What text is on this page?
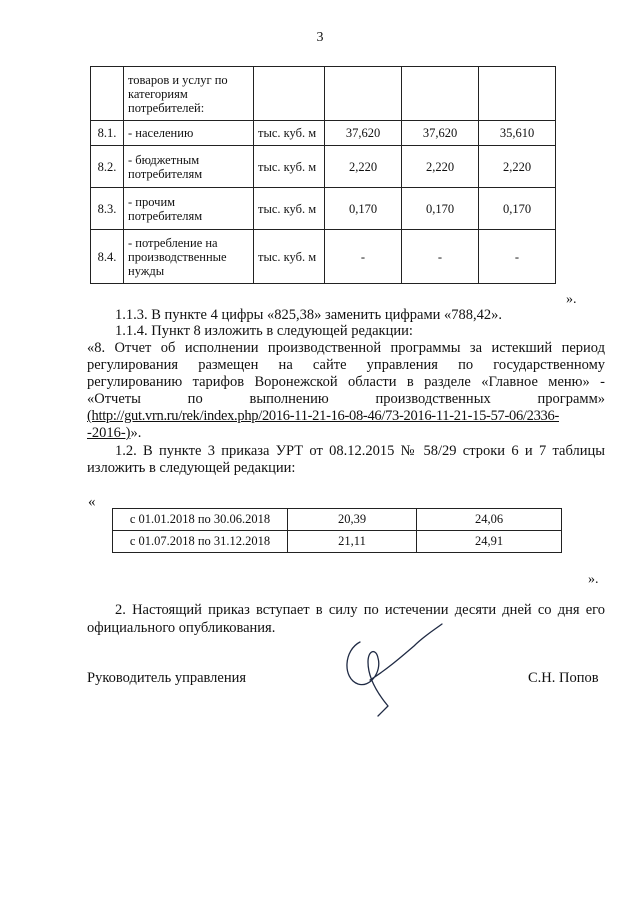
3
	товаров и услуг по категориям потребителей:				
8.1.	- населению	тыс. куб. м	37,620	37,620	35,610
8.2.	- бюджетным потребителям	тыс. куб. м	2,220	2,220	2,220
8.3.	- прочим потребителям	тыс. куб. м	0,170	0,170	0,170
8.4.	- потребление на производственные нужды	тыс. куб. м	-	-	-
».
1.1.3. В пункте 4 цифры «825,38» заменить цифрами «788,42».
1.1.4. Пункт 8 изложить в следующей редакции:
«8. Отчет об исполнении производственной программы за истекший период
регулирования размещен на сайте управления по государственному
регулированию тарифов Воронежской области в разделе «Главное меню» -
«Отчеты по выполнению производственных программ»
(http://gut.vrn.ru/rek/index.php/2016-11-21-16-08-46/73-2016-11-21-15-57-06/2336-
-2016-)».
1.2. В пункте 3 приказа УРТ от 08.12.2015 № 58/29 строки 6 и 7 таблицы
изложить в следующей редакции:
«
с 01.01.2018 по 30.06.2018	20,39	24,06
с 01.07.2018 по 31.12.2018	21,11	24,91
».
2. Настоящий приказ вступает в силу по истечении десяти дней со дня его
официального опубликования.
Руководитель управления	С.Н. Попов
